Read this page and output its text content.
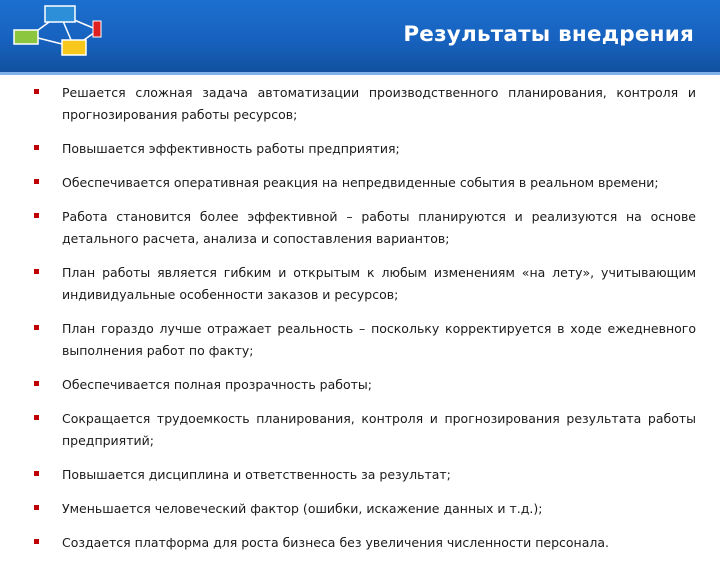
Результаты внедрения
Решается сложная задача автоматизации производственного планирования, контроля и прогнозирования работы ресурсов;
Повышается эффективность работы предприятия;
Обеспечивается оперативная реакция на непредвиденные события в реальном времени;
Работа становится более эффективной – работы планируются и реализуются на основе детального расчета, анализа и сопоставления вариантов;
План работы является гибким и открытым к любым изменениям «на лету», учитывающим индивидуальные особенности заказов и ресурсов;
План гораздо лучше отражает реальность – поскольку корректируется в ходе ежедневного выполнения работ по факту;
Обеспечивается полная прозрачность работы;
Сокращается трудоемкость планирования, контроля и прогнозирования результата работы предприятий;
Повышается дисциплина и ответственность за результат;
Уменьшается человеческий фактор (ошибки, искажение данных и т.д.);
Создается платформа для роста бизнеса без увеличения численности персонала.
